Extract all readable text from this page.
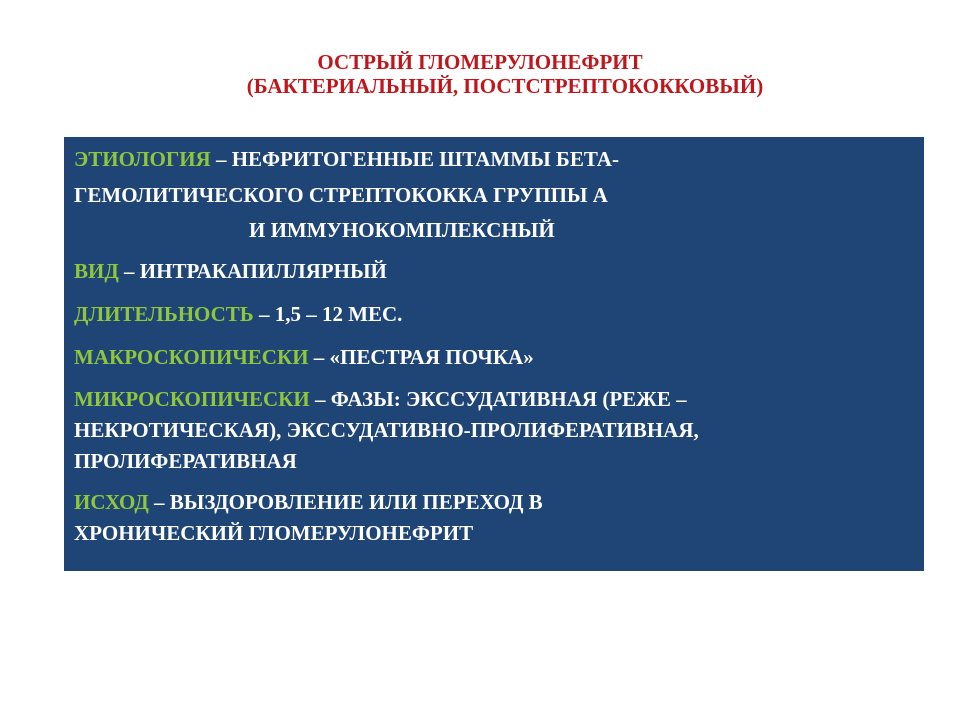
ОСТРЫЙ ГЛОМЕРУЛОНЕФРИТ
(БАКТЕРИАЛЬНЫЙ, ПОСТСТРЕПТОКОККОВЫЙ)
ЭТИОЛОГИЯ – НЕФРИТОГЕННЫЕ ШТАММЫ БЕТА-
ГЕМОЛИТИЧЕСКОГО СТРЕПТОКОККА ГРУППЫ А
И ИММУНОКОМПЛЕКСНЫЙ
ВИД – ИНТРАКАПИЛЛЯРНЫЙ
ДЛИТЕЛЬНОСТЬ – 1,5 – 12 МЕС.
МАКРОСКОПИЧЕСКИ – «ПЕСТРАЯ ПОЧКА»
МИКРОСКОПИЧЕСКИ – ФАЗЫ: ЭКССУДАТИВНАЯ (РЕЖЕ –
НЕКРОТИЧЕСКАЯ), ЭКССУДАТИВНО-ПРОЛИФЕРАТИВНАЯ,
ПРОЛИФЕРАТИВНАЯ
ИСХОД – ВЫЗДОРОВЛЕНИЕ ИЛИ ПЕРЕХОД В
ХРОНИЧЕСКИЙ ГЛОМЕРУЛОНЕФРИТ
